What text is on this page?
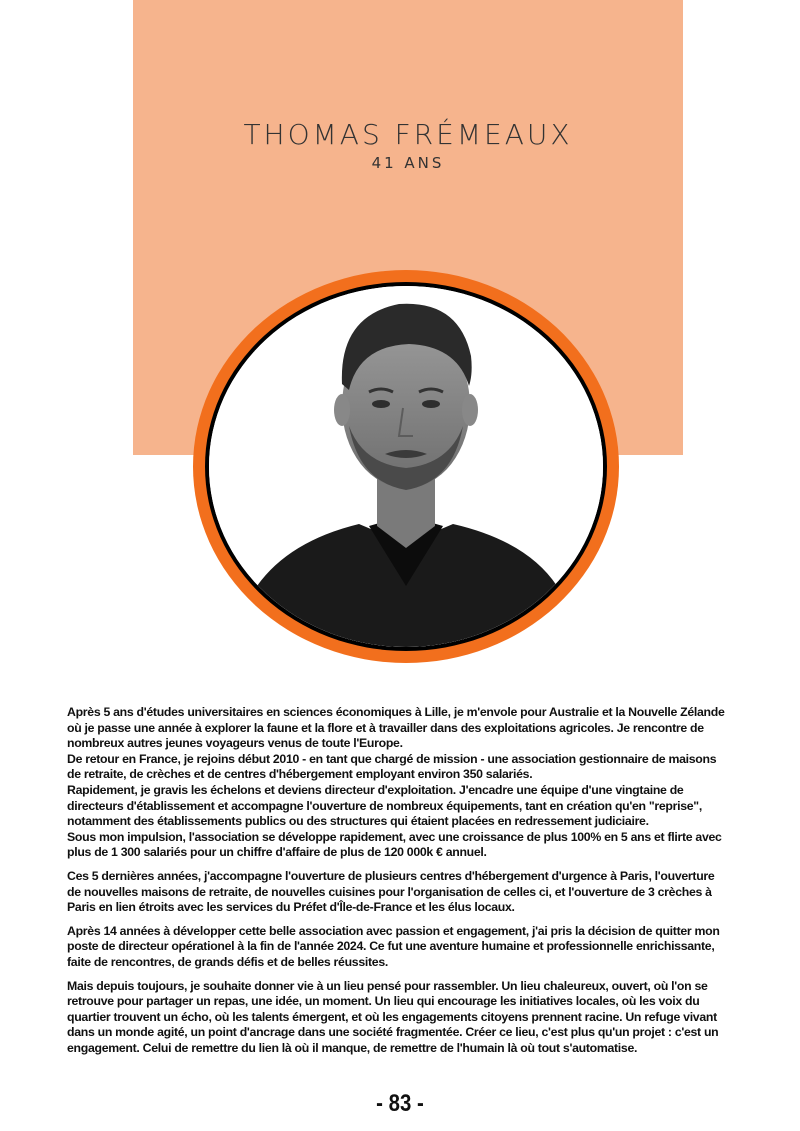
THOMAS FRÉMEAUX
41 ANS

Après 5 ans d'études universitaires en sciences économiques à Lille, je m'envole pour Australie et la Nouvelle Zélande
où je passe une année à explorer la faune et la flore et à travailler dans des exploitations agricoles. Je rencontre de
nombreux autres jeunes voyageurs venus de toute l'Europe.
De retour en France, je rejoins début 2010 - en tant que chargé de mission - une association gestionnaire de maisons
de retraite, de crèches et de centres d'hébergement employant environ 350 salariés.
Rapidement, je gravis les échelons et deviens directeur d'exploitation. J'encadre une équipe d'une vingtaine de
directeurs d'établissement et accompagne l'ouverture de nombreux équipements, tant en création qu'en "reprise",
notamment des établissements publics ou des structures qui étaient placées en redressement judiciaire.
Sous mon impulsion, l'association se développe rapidement, avec une croissance de plus 100% en 5 ans et flirte avec
plus de 1 300 salariés pour un chiffre d'affaire de plus de 120 000k € annuel.

Ces 5 dernières années, j'accompagne l'ouverture de plusieurs centres d'hébergement d'urgence à Paris, l'ouverture
de nouvelles maisons de retraite, de nouvelles cuisines pour l'organisation de celles ci, et l'ouverture de 3 crèches à
Paris en lien étroits avec les services du Préfet d'Île-de-France et les élus locaux.

Après 14 années à développer cette belle association avec passion et engagement, j'ai pris la décision de quitter mon
poste de directeur opérationel à la fin de l'année 2024. Ce fut une aventure humaine et professionnelle enrichissante,
faite de rencontres, de grands défis et de belles réussites.

Mais depuis toujours, je souhaite donner vie à un lieu pensé pour rassembler. Un lieu chaleureux, ouvert, où l'on se
retrouve pour partager un repas, une idée, un moment. Un lieu qui encourage les initiatives locales, où les voix du
quartier trouvent un écho, où les talents émergent, et où les engagements citoyens prennent racine. Un refuge vivant
dans un monde agité, un point d'ancrage dans une société fragmentée. Créer ce lieu, c'est plus qu'un projet : c'est un
engagement. Celui de remettre du lien là où il manque, de remettre de l'humain là où tout s'automatise.

- 83 -
